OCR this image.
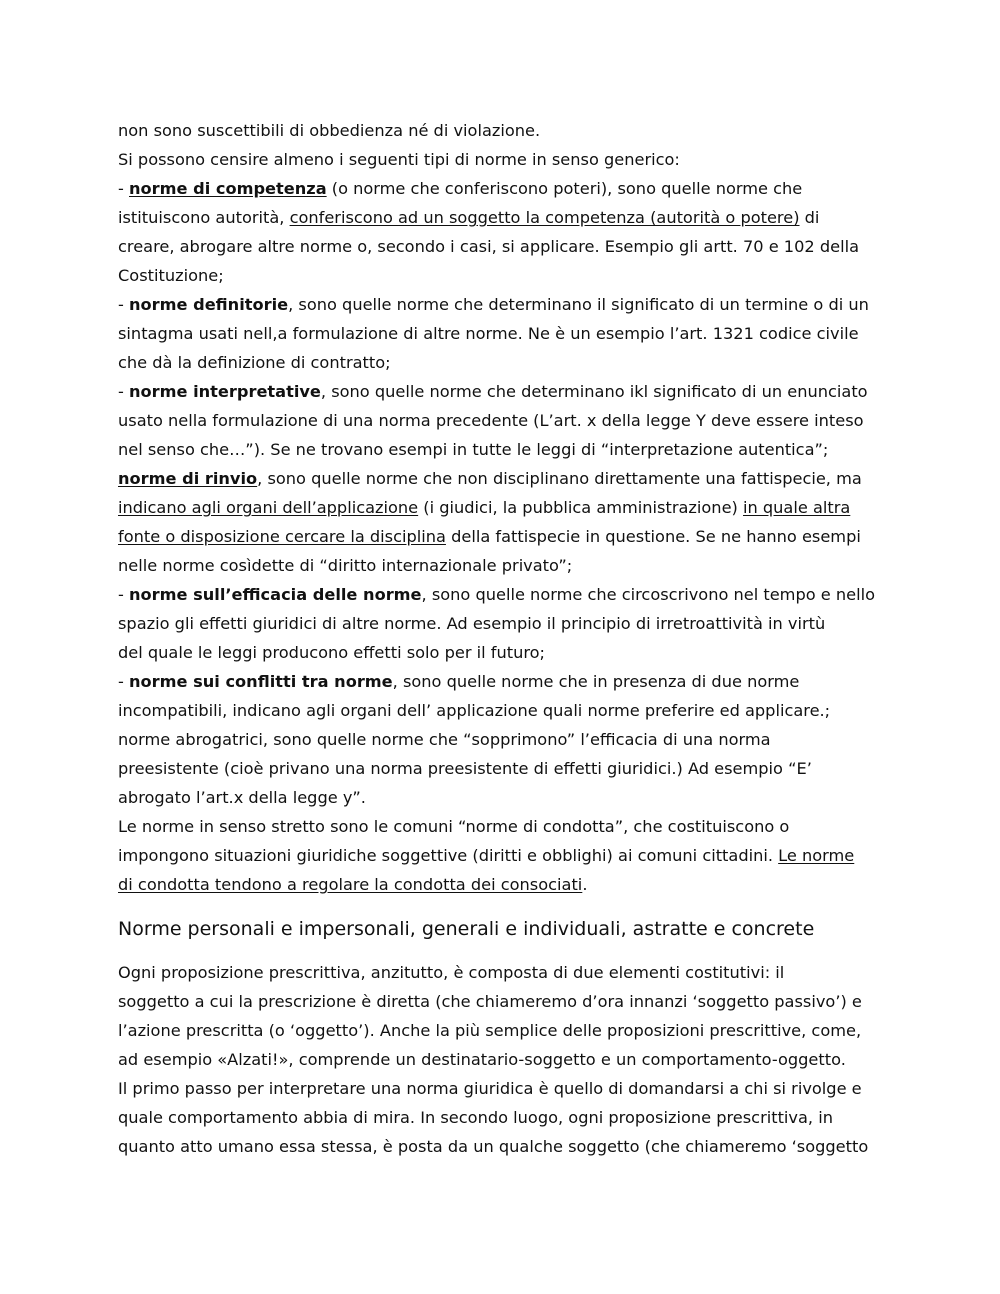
non sono suscettibili di obbedienza né di violazione.
Si possono censire almeno i seguenti tipi di norme in senso generico:
- norme di competenza (o norme che conferiscono poteri), sono quelle norme che
istituiscono autorità, conferiscono ad un soggetto la competenza (autorità o potere) di
creare, abrogare altre norme o, secondo i casi, si applicare. Esempio gli artt. 70 e 102 della
Costituzione;
- norme definitorie, sono quelle norme che determinano il significato di un termine o di un
sintagma usati nell,a formulazione di altre norme. Ne è un esempio l’art. 1321 codice civile
che dà la definizione di contratto;
- norme interpretative, sono quelle norme che determinano ikl significato di un enunciato
usato nella formulazione di una norma precedente (L’art. x della legge Y deve essere inteso
nel senso che…”). Se ne trovano esempi in tutte le leggi di “interpretazione autentica”;
norme di rinvio, sono quelle norme che non disciplinano direttamente una fattispecie, ma
indicano agli organi dell’applicazione (i giudici, la pubblica amministrazione) in quale altra
fonte o disposizione cercare la disciplina della fattispecie in questione. Se ne hanno esempi
nelle norme cosìdette di “diritto internazionale privato”;
- norme sull’efficacia delle norme, sono quelle norme che circoscrivono nel tempo e nello
spazio gli effetti giuridici di altre norme. Ad esempio il principio di irretroattività in virtù
del quale le leggi producono effetti solo per il futuro;
- norme sui conflitti tra norme, sono quelle norme che in presenza di due norme
incompatibili, indicano agli organi dell’ applicazione quali norme preferire ed applicare.;
norme abrogatrici, sono quelle norme che “sopprimono” l’efficacia di una norma
preesistente (cioè privano una norma preesistente di effetti giuridici.) Ad esempio “E’
abrogato l’art.x della legge y”.
Le norme in senso stretto sono le comuni “norme di condotta”, che costituiscono o
impongono situazioni giuridiche soggettive (diritti e obblighi) ai comuni cittadini. Le norme
di condotta tendono a regolare la condotta dei consociati.
Norme personali e impersonali, generali e individuali, astratte e concrete
Ogni proposizione prescrittiva, anzitutto, è composta di due elementi costitutivi: il
soggetto a cui la prescrizione è diretta (che chiameremo d’ora innanzi ‘soggetto passivo’) e
l’azione prescritta (o ‘oggetto’). Anche la più semplice delle proposizioni prescrittive, come,
ad esempio «Alzati!», comprende un destinatario-soggetto e un comportamento-oggetto.
Il primo passo per interpretare una norma giuridica è quello di domandarsi a chi si rivolge e
quale comportamento abbia di mira. In secondo luogo, ogni proposizione prescrittiva, in
quanto atto umano essa stessa, è posta da un qualche soggetto (che chiameremo ‘soggetto
